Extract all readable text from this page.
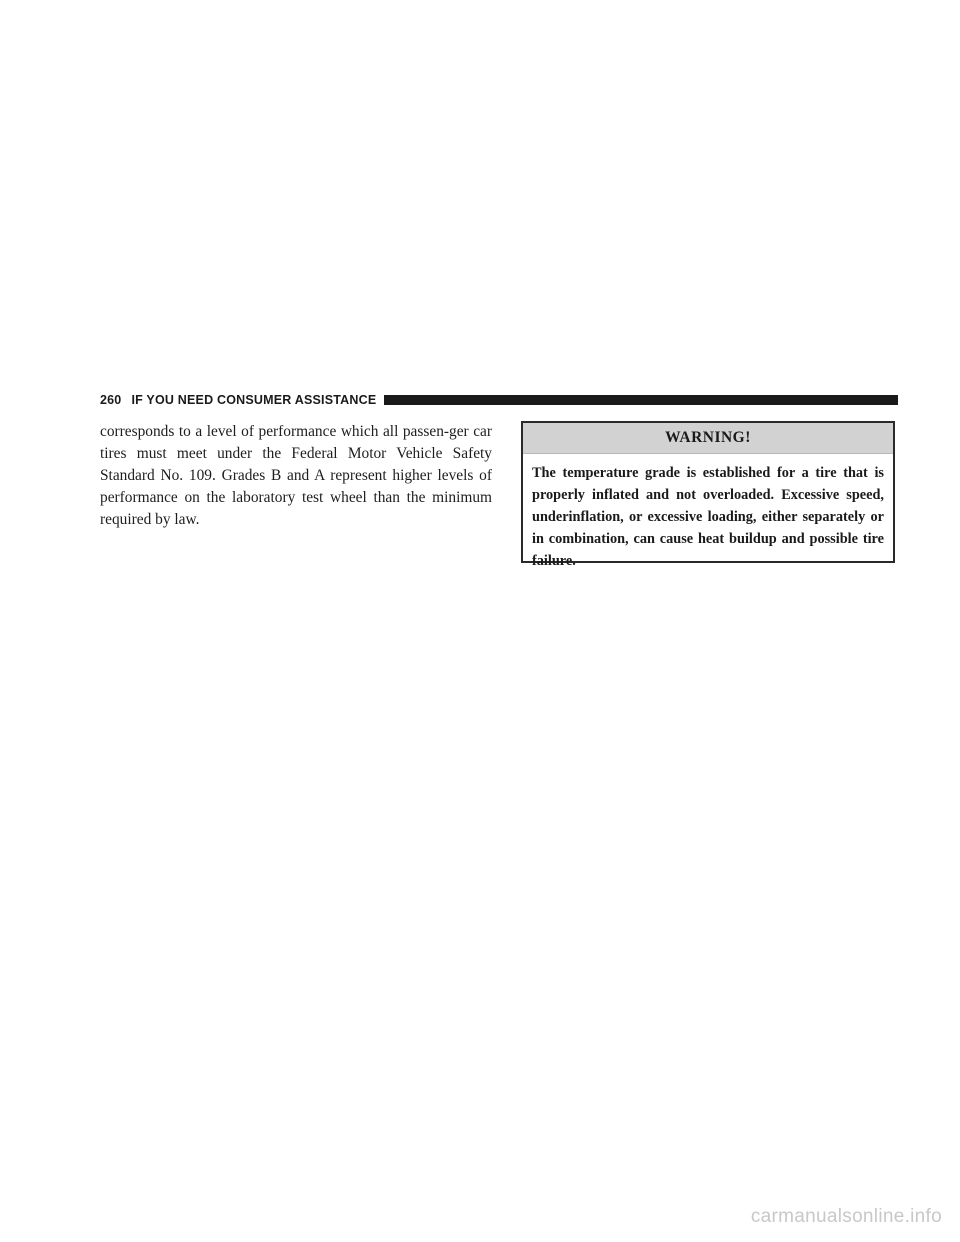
260 IF YOU NEED CONSUMER ASSISTANCE

corresponds to a level of performance which all passen-ger car tires must meet under the Federal Motor Vehicle Safety Standard No. 109. Grades B and A represent higher levels of performance on the laboratory test wheel than the minimum required by law.

WARNING!
The temperature grade is established for a tire that is properly inflated and not overloaded. Excessive speed, underinflation, or excessive loading, either separately or in combination, can cause heat buildup and possible tire failure.
carmanualsonline.info
